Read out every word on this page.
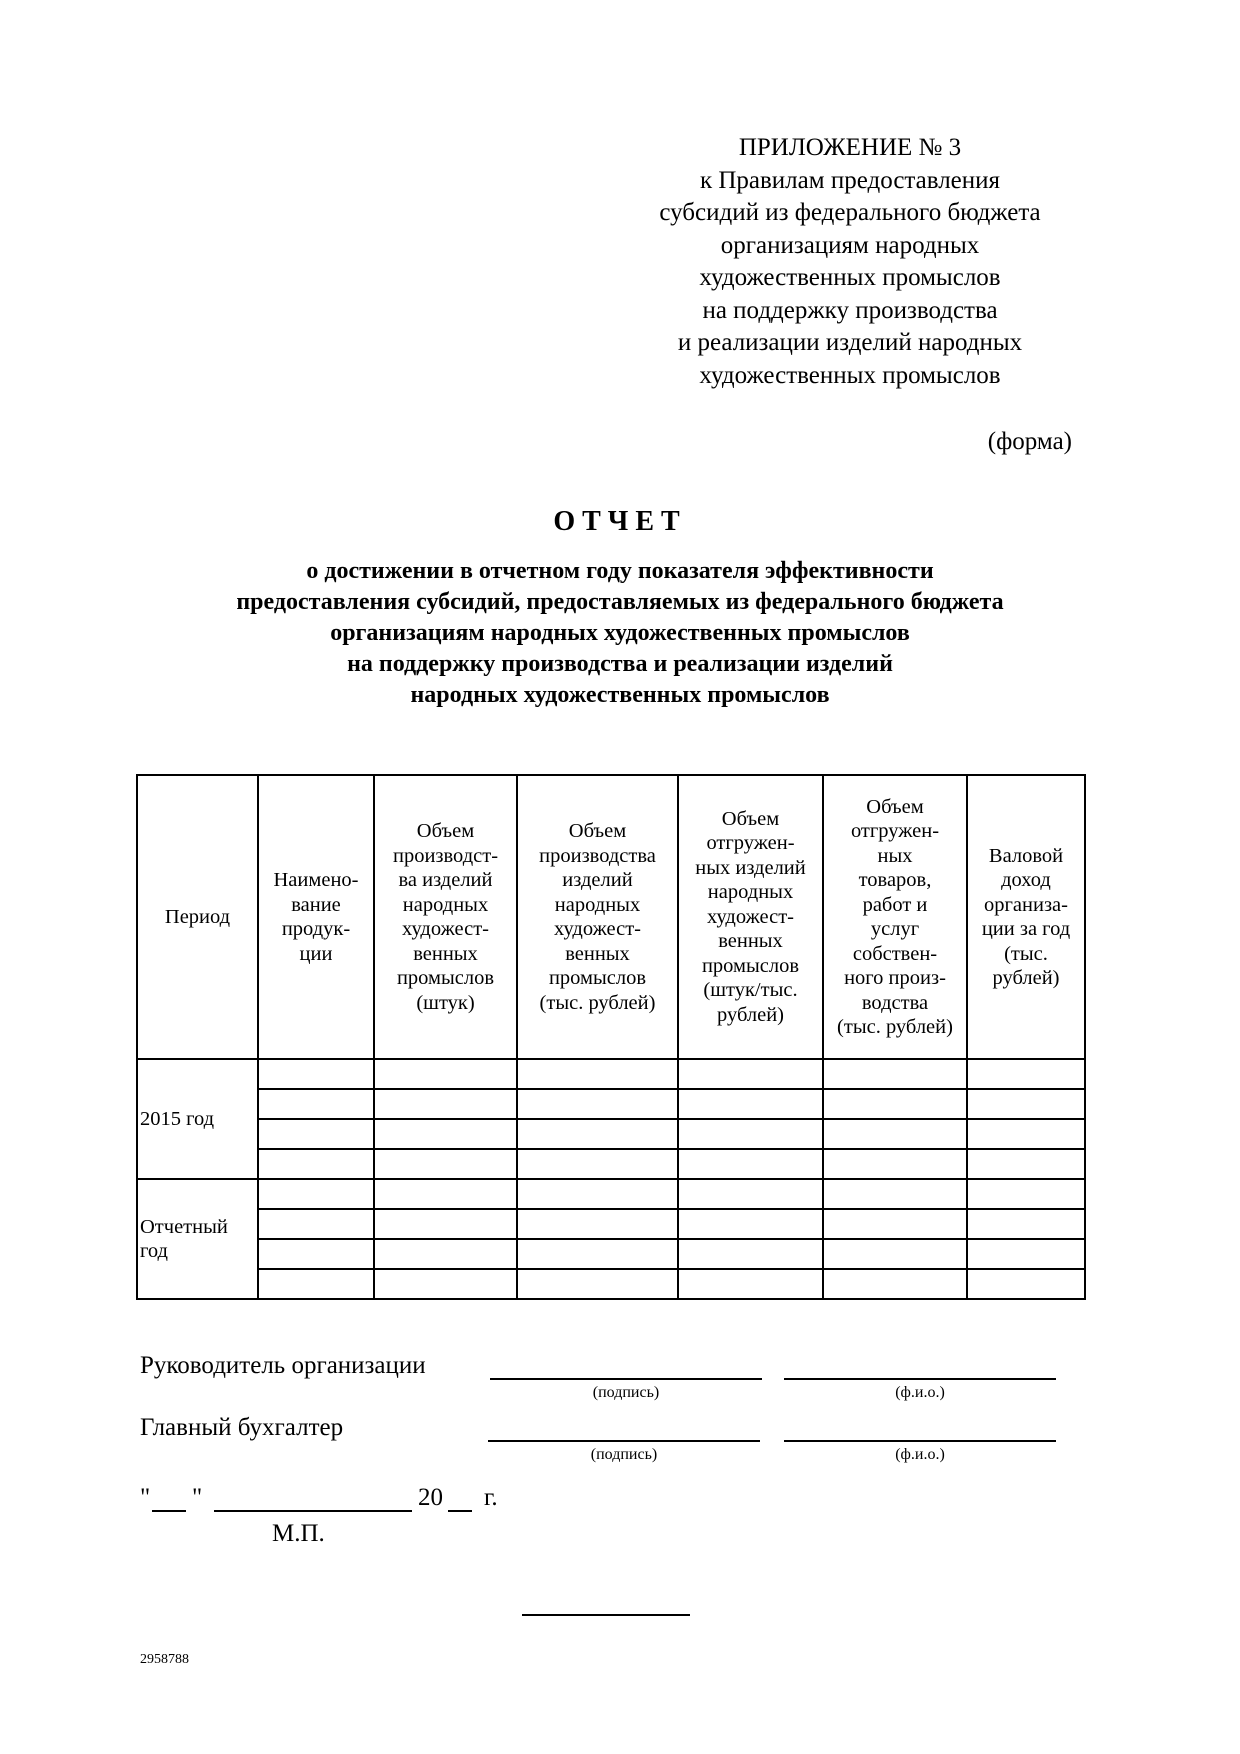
ПРИЛОЖЕНИЕ № 3
к Правилам предоставления
субсидий из федерального бюджета
организациям народных
художественных промыслов
на поддержку производства
и реализации изделий народных
художественных промыслов
(форма)
ОТЧЕТ
о достижении в отчетном году показателя эффективности
предоставления субсидий, предоставляемых из федерального бюджета
организациям народных художественных промыслов
на поддержку производства и реализации изделий
народных художественных промыслов
Период

Наимено-
вание
продук-
ции

Объем
производст-
ва изделий
народных
художест-
венных
промыслов
(штук)

Объем
производства
изделий
народных
художест-
венных
промыслов
(тыс. рублей)

Объем
отгружен-
ных изделий
народных
художест-
венных
промыслов
(штук/тыс.
рублей)

Объем
отгружен-
ных
товаров,
работ и
услуг
собствен-
ного произ-
водства
(тыс. рублей)

Валовой
доход
организа-
ции за год
(тыс.
рублей)

2015 год						

Отчетный
год						

Руководитель организации
(подпись)	(ф.и.о.)
Главный бухгалтер
(подпись)	(ф.и.о.)
" "	20 г.
М.П.
2958788
